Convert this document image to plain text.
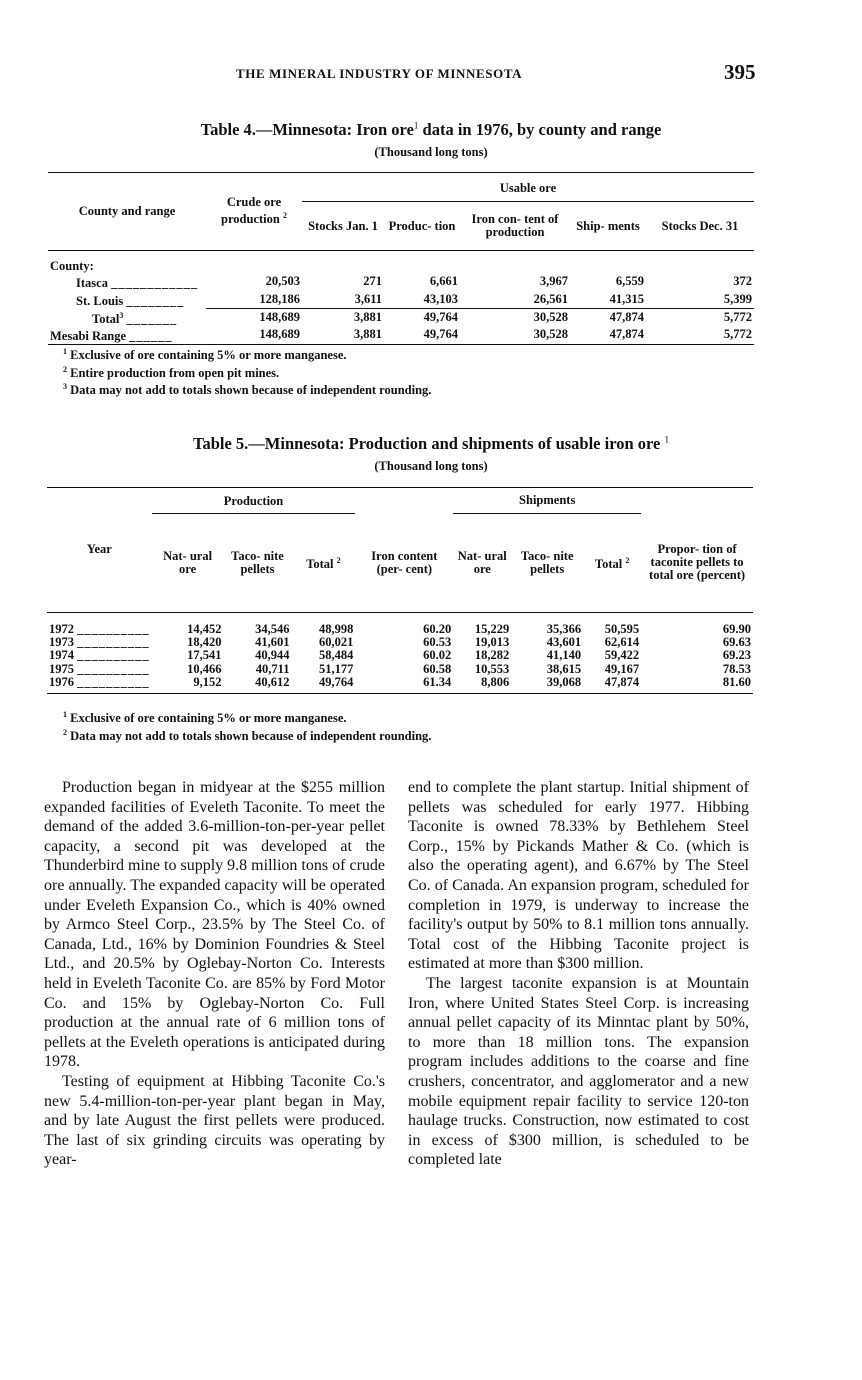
THE MINERAL INDUSTRY OF MINNESOTA	395
Table 4.—Minnesota: Iron ore$^1$ data in 1976, by county and range
(Thousand long tons)
County and range	Crude ore production $^2$	Usable ore				
		Stocks Jan. 1	Produc- tion	Iron con- tent of production	Ship- ments	Stocks Dec. 31
County:						
Itasca ____________	20,503	271	6,661	3,967	6,559	372
St. Louis ________	128,186	3,611	43,103	26,561	41,315	5,399
Total$^3$ _______	148,689	3,881	49,764	30,528	47,874	5,772
Mesabi Range ______	148,689	3,881	49,764	30,528	47,874	5,772
$^1$ Exclusive of ore containing 5% or more manganese.
$^2$ Entire production from open pit mines.
$^3$ Data may not add to totals shown because of independent rounding.
Table 5.—Minnesota: Production and shipments of usable iron ore $^1$
(Thousand long tons)
Year	Production				Shipments			
	Nat- ural ore	Taco- nite pellets	Total $^2$	Iron content (per- cent)	Nat- ural ore	Taco- nite pellets	Total $^2$	Propor- tion of taconite pellets to total ore (percent)
1972 __________	14,452	34,546	48,998	60.20	15,229	35,366	50,595	69.90
1973 __________	18,420	41,601	60,021	60.53	19,013	43,601	62,614	69.63
1974 __________	17,541	40,944	58,484	60.02	18,282	41,140	59,422	69.23
1975 __________	10,466	40,711	51,177	60.58	10,553	38,615	49,167	78.53
1976 __________	9,152	40,612	49,764	61.34	8,806	39,068	47,874	81.60
$^1$ Exclusive of ore containing 5% or more manganese.
$^2$ Data may not add to totals shown because of independent rounding.

Production began in midyear at the $255 million expanded facilities of Eveleth Taconite. To meet the demand of the added 3.6-million-ton-per-year pellet capacity, a second pit was developed at the Thunderbird mine to supply 9.8 million tons of crude ore annually. The expanded capacity will be operated under Eveleth Expansion Co., which is 40% owned by Armco Steel Corp., 23.5% by The Steel Co. of Canada, Ltd., 16% by Dominion Foundries & Steel Ltd., and 20.5% by Oglebay-Norton Co. Interests held in Eveleth Taconite Co. are 85% by Ford Motor Co. and 15% by Oglebay-Norton Co. Full production at the annual rate of 6 million tons of pellets at the Eveleth operations is anticipated during 1978.

Testing of equipment at Hibbing Taconite Co.'s new 5.4-million-ton-per-year plant began in May, and by late August the first pellets were produced. The last of six grinding circuits was operating by year-

end to complete the plant startup. Initial shipment of pellets was scheduled for early 1977. Hibbing Taconite is owned 78.33% by Bethlehem Steel Corp., 15% by Pickands Mather & Co. (which is also the operating agent), and 6.67% by The Steel Co. of Canada. An expansion program, scheduled for completion in 1979, is underway to increase the facility's output by 50% to 8.1 million tons annually. Total cost of the Hibbing Taconite project is estimated at more than $300 million.

The largest taconite expansion is at Mountain Iron, where United States Steel Corp. is increasing annual pellet capacity of its Minntac plant by 50%, to more than 18 million tons. The expansion program includes additions to the coarse and fine crushers, concentrator, and agglomerator and a new mobile equipment repair facility to service 120-ton haulage trucks. Construction, now estimated to cost in excess of $300 million, is scheduled to be completed late
